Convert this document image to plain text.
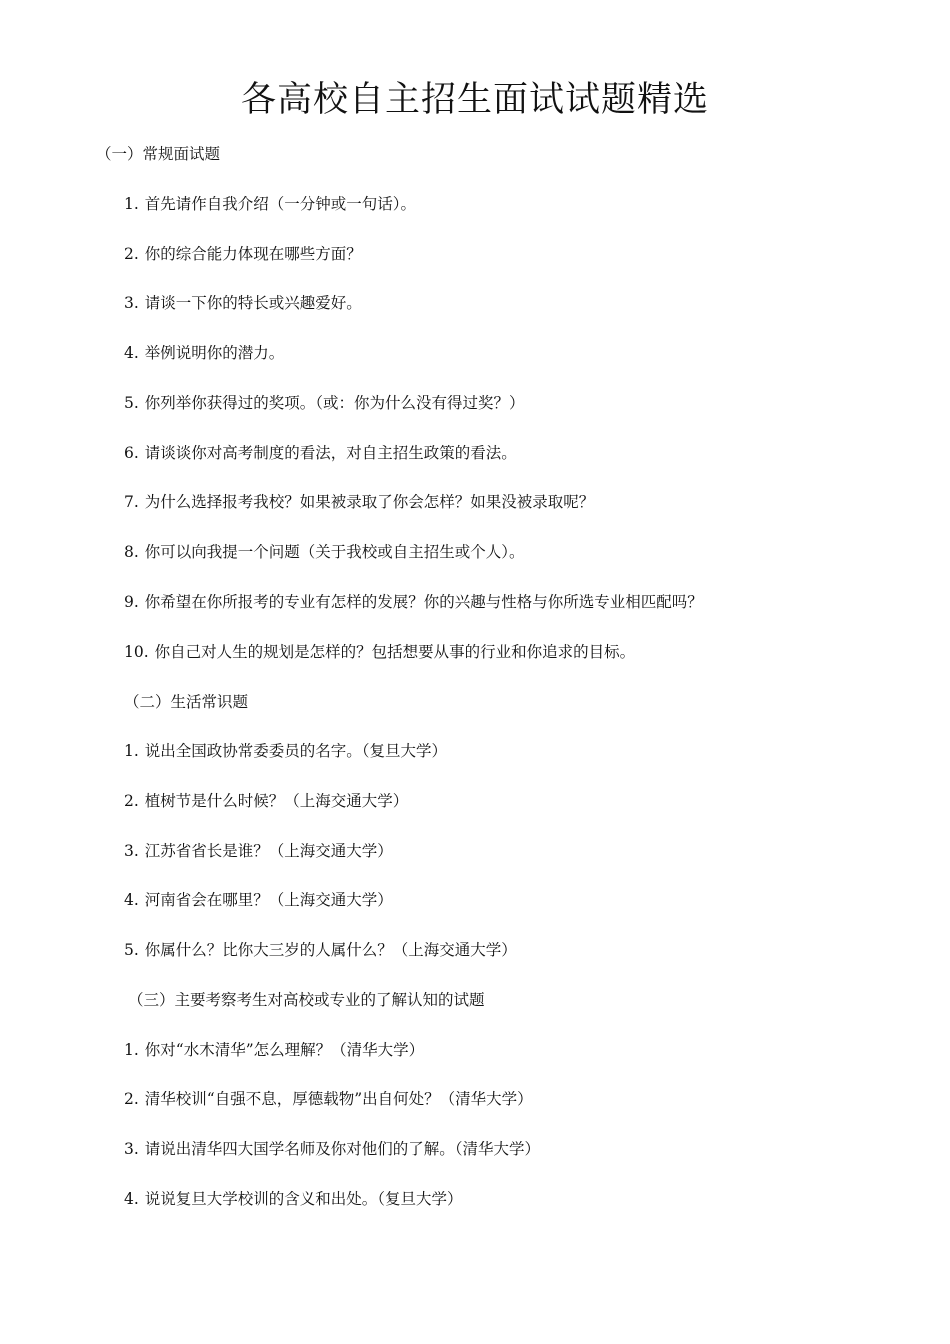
各高校自主招生面试试题精选
（一）常规面试题
1. 首先请作自我介绍（一分钟或一句话）。
2. 你的综合能力体现在哪些方面？
3. 请谈一下你的特长或兴趣爱好。
4. 举例说明你的潜力。
5. 你列举你获得过的奖项。（或：你为什么没有得过奖？）
6. 请谈谈你对高考制度的看法，对自主招生政策的看法。
7. 为什么选择报考我校？如果被录取了你会怎样？如果没被录取呢？
8. 你可以向我提一个问题（关于我校或自主招生或个人）。
9. 你希望在你所报考的专业有怎样的发展？你的兴趣与性格与你所选专业相匹配吗？
10. 你自己对人生的规划是怎样的？包括想要从事的行业和你追求的目标。
（二）生活常识题
1. 说出全国政协常委委员的名字。（复旦大学）
2. 植树节是什么时候？（上海交通大学）
3. 江苏省省长是谁？（上海交通大学）
4. 河南省会在哪里？（上海交通大学）
5. 你属什么？比你大三岁的人属什么？（上海交通大学）
（三）主要考察考生对高校或专业的了解认知的试题
1. 你对“水木清华”怎么理解？（清华大学）
2. 清华校训“自强不息，厚德载物”出自何处？（清华大学）
3. 请说出清华四大国学名师及你对他们的了解。（清华大学）
4. 说说复旦大学校训的含义和出处。（复旦大学）
